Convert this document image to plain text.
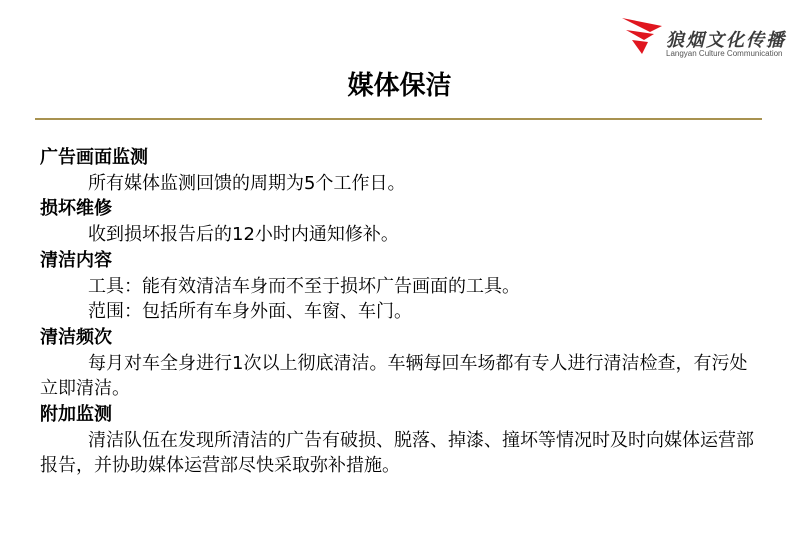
狼烟文化传播
Langyan Culture Communication
媒体保洁

广告画面监测

所有媒体监测回馈的周期为5个工作日。

损坏维修

收到损坏报告后的12小时内通知修补。

清洁内容

工具：能有效清洁车身而不至于损坏广告画面的工具。

范围：包括所有车身外面、车窗、车门。

清洁频次

每月对车全身进行1次以上彻底清洁。车辆每回车场都有专人进行清洁检查，有污处立即清洁。

附加监测

清洁队伍在发现所清洁的广告有破损、脱落、掉漆、撞坏等情况时及时向媒体运营部报告，并协助媒体运营部尽快采取弥补措施。
